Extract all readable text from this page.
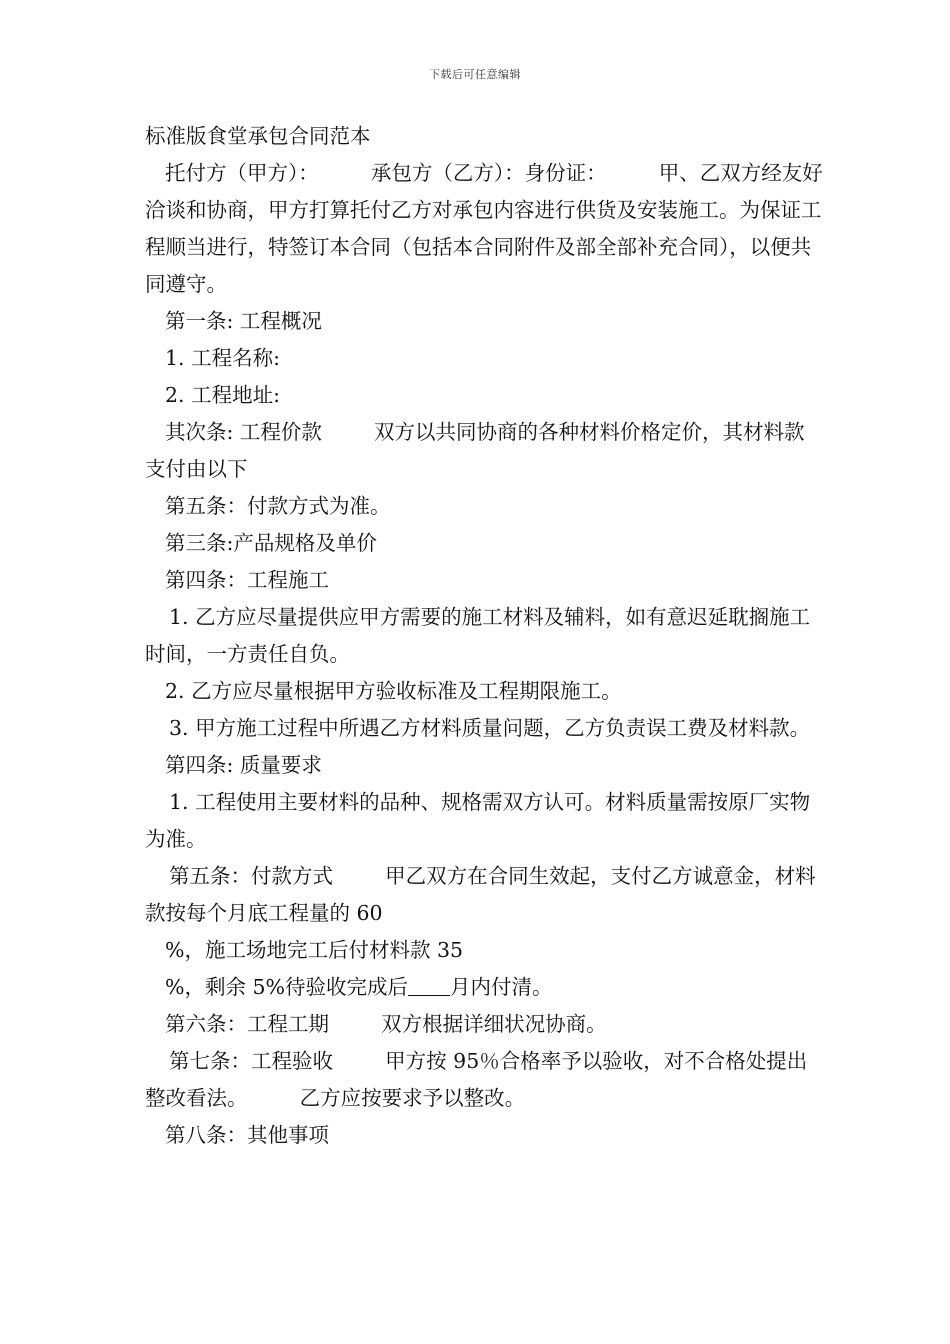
下载后可任意编辑

标准版食堂承包合同范本

托付方（甲方）：        承包方（乙方）：身份证：        甲、乙双方经友好洽谈和协商，甲方打算托付乙方对承包内容进行供货及安装施工。为保证工程顺当进行，特签订本合同（包括本合同附件及部全部补充合同），以便共同遵守。

第一条: 工程概况

1. 工程名称:

2. 工程地址:

其次条: 工程价款        双方以共同协商的各种材料价格定价，其材料款支付由以下

第五条：付款方式为准。

第三条:产品规格及单价

第四条：工程施工

1. 乙方应尽量提供应甲方需要的施工材料及辅料，如有意迟延耽搁施工时间，一方责任自负。

2. 乙方应尽量根据甲方验收标准及工程期限施工。

3. 甲方施工过程中所遇乙方材料质量问题，乙方负责误工费及材料款。

第四条: 质量要求

1. 工程使用主要材料的品种、规格需双方认可。材料质量需按原厂实物为准。

第五条：付款方式        甲乙双方在合同生效起，支付乙方诚意金，材料款按每个月底工程量的 60

%，施工场地完工后付材料款 35

%，剩余 5%待验收完成后 月内付清。

第六条：工程工期        双方根据详细状况协商。

第七条：工程验收        甲方按 95％合格率予以验收，对不合格处提出整改看法。        乙方应按要求予以整改。

第八条：其他事项
